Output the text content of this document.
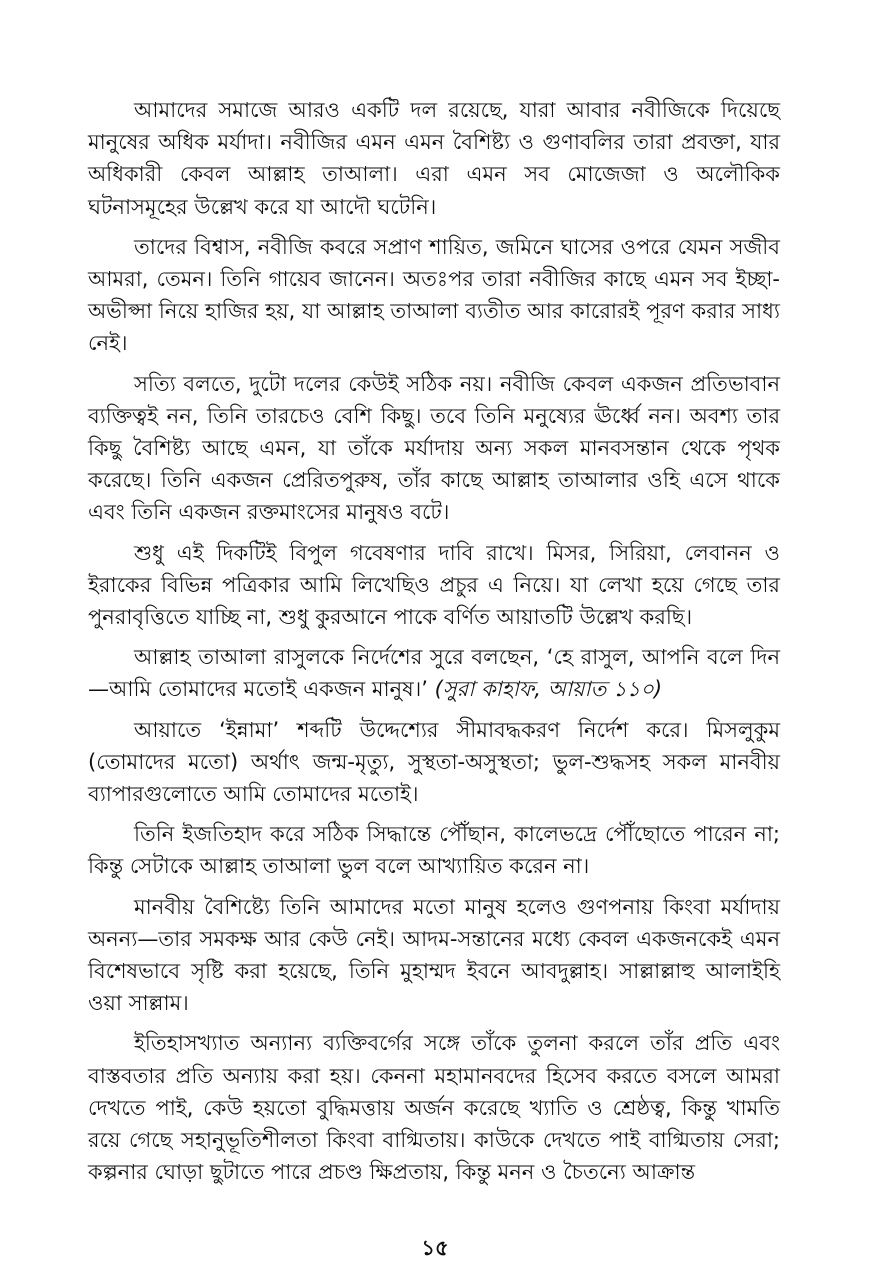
আমাদের সমাজে আরও একটি দল রয়েছে, যারা আবার নবীজিকে দিয়েছে মানুষের অধিক মর্যাদা। নবীজির এমন এমন বৈশিষ্ট্য ও গুণাবলির তারা প্রবক্তা, যার অধিকারী কেবল আল্লাহ তাআলা। এরা এমন সব মোজেজা ও অলৌকিক ঘটনাসমূহের উল্লেখ করে যা আদৌ ঘটেনি।

তাদের বিশ্বাস, নবীজি কবরে সপ্রাণ শায়িত, জমিনে ঘাসের ওপরে যেমন সজীব আমরা, তেমন। তিনি গায়েব জানেন। অতঃপর তারা নবীজির কাছে এমন সব ইচ্ছা-অভীপ্সা নিয়ে হাজির হয়, যা আল্লাহ তাআলা ব্যতীত আর কারোরই পূরণ করার সাধ্য নেই।

সত্যি বলতে, দুটো দলের কেউই সঠিক নয়। নবীজি কেবল একজন প্রতিভাবান ব্যক্তিত্বই নন, তিনি তারচেও বেশি কিছু। তবে তিনি মনুষ্যের ঊর্ধ্বে নন। অবশ্য তার কিছু বৈশিষ্ট্য আছে এমন, যা তাঁকে মর্যাদায় অন্য সকল মানবসন্তান থেকে পৃথক করেছে। তিনি একজন প্রেরিতপুরুষ, তাঁর কাছে আল্লাহ তাআলার ওহি এসে থাকে এবং তিনি একজন রক্তমাংসের মানুষও বটে।

শুধু এই দিকটিই বিপুল গবেষণার দাবি রাখে। মিসর, সিরিয়া, লেবানন ও ইরাকের বিভিন্ন পত্রিকার আমি লিখেছিও প্রচুর এ নিয়ে। যা লেখা হয়ে গেছে তার পুনরাবৃত্তিতে যাচ্ছি না, শুধু কুরআনে পাকে বর্ণিত আয়াতটি উল্লেখ করছি।

আল্লাহ তাআলা রাসুলকে নির্দেশের সুরে বলছেন, ‘হে রাসুল, আপনি বলে দিন—আমি তোমাদের মতোই একজন মানুষ।’ (সুরা কাহাফ, আয়াত ১১০)

আয়াতে ‘ইন্নামা’ শব্দটি উদ্দেশ্যের সীমাবদ্ধকরণ নির্দেশ করে। মিসলুকুম (তোমাদের মতো) অর্থাৎ জন্ম-মৃত্যু, সুস্থতা-অসুস্থতা; ভুল-শুদ্ধসহ সকল মানবীয় ব্যাপারগুলোতে আমি তোমাদের মতোই।

তিনি ইজতিহাদ করে সঠিক সিদ্ধান্তে পৌঁছান, কালেভদ্রে পৌঁছোতে পারেন না; কিন্তু সেটাকে আল্লাহ তাআলা ভুল বলে আখ্যায়িত করেন না।

মানবীয় বৈশিষ্ট্যে তিনি আমাদের মতো মানুষ হলেও গুণপনায় কিংবা মর্যাদায় অনন্য—তার সমকক্ষ আর কেউ নেই। আদম-সন্তানের মধ্যে কেবল একজনকেই এমন বিশেষভাবে সৃষ্টি করা হয়েছে, তিনি মুহাম্মদ ইবনে আবদুল্লাহ। সাল্লাল্লাহু আলাইহি ওয়া সাল্লাম।

ইতিহাসখ্যাত অন্যান্য ব্যক্তিবর্গের সঙ্গে তাঁকে তুলনা করলে তাঁর প্রতি এবং বাস্তবতার প্রতি অন্যায় করা হয়। কেননা মহামানবদের হিসেব করতে বসলে আমরা দেখতে পাই, কেউ হয়তো বুদ্ধিমত্তায় অর্জন করেছে খ্যাতি ও শ্রেষ্ঠত্ব, কিন্তু খামতি রয়ে গেছে সহানুভূতিশীলতা কিংবা বাগ্মিতায়। কাউকে দেখতে পাই বাগ্মিতায় সেরা; কল্পনার ঘোড়া ছুটাতে পারে প্রচণ্ড ক্ষিপ্রতায়, কিন্তু মনন ও চৈতন্যে আক্রান্ত

১৫
